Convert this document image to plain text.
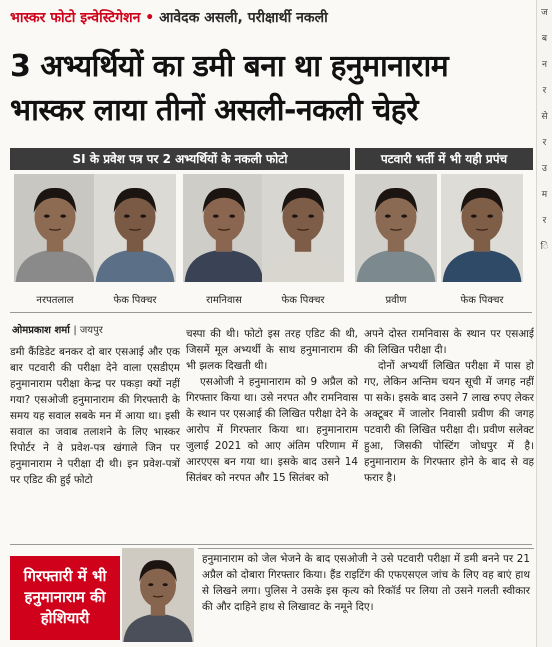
भास्कर फोटो इन्वेस्टिगेशन • आवेदक असली, परीक्षार्थी नकली
3 अभ्यर्थियों का डमी बना था हनुमानाराम
भास्कर लाया तीनों असली-नकली चेहरे
SI के प्रवेश पत्र पर 2 अभ्यर्थियों के नकली फोटो	पटवारी भर्ती में भी यही प्रपंच
नरपतलाल	फेक पिक्चर	रामनिवास	फेक पिक्चर	प्रवीण	फेक पिक्चर
ओमप्रकाश शर्मा | जयपुर

डमी कैंडिडेट बनकर दो बार एसआई और एक बार पटवारी की परीक्षा देने वाला एसडीएम हनुमानाराम परीक्षा केन्द्र पर पकड़ा क्यों नहीं गया? एसओजी हनुमानाराम की गिरफ्तारी के समय यह सवाल सबके मन में आया था। इसी सवाल का जवाब तलाशने के लिए भास्कर रिपोर्टर ने वे प्रवेश-पत्र खंगाले जिन पर हनुमानाराम ने परीक्षा दी थी। इन प्रवेश-पत्रों पर एडिट की हुई फोटो

चस्पा की थी। फोटो इस तरह एडिट की थी, जिसमें मूल अभ्यर्थी के साथ हनुमानाराम की भी झलक दिखती थी।

एसओजी ने हनुमानाराम को 9 अप्रैल को गिरफ्तार किया था। उसे नरपत और रामनिवास के स्थान पर एसआई की लिखित परीक्षा देने के आरोप में गिरफ्तार किया था। हनुमानाराम जुलाई 2021 को आए अंतिम परिणाम में आरएएस बन गया था। इसके बाद उसने 14 सितंबर को नरपत और 15 सितंबर को

अपने दोस्त रामनिवास के स्थान पर एसआई की लिखित परीक्षा दी।

दोनों अभ्यर्थी लिखित परीक्षा में पास हो गए, लेकिन अन्तिम चयन सूची में जगह नहीं पा सके। इसके बाद उसने 7 लाख रुपए लेकर अक्टूबर में जालोर निवासी प्रवीण की जगह पटवारी की लिखित परीक्षा दी। प्रवीण सलेक्ट हुआ, जिसकी पोस्टिंग जोधपुर में है। हनुमानाराम के गिरफ्तार होने के बाद से वह फरार है।

गिरफ्तारी में भी हनुमानाराम की होशियारी
हनुमानाराम को जेल भेजने के बाद एसओजी ने उसे पटवारी परीक्षा में डमी बनने पर 21 अप्रैल को दोबारा गिरफ्तार किया। हैंड राइटिंग की एफएसएल जांच के लिए वह बाएं हाथ से लिखने लगा। पुलिस ने उसके इस कृत्य को रिकॉर्ड पर लिया तो उसने गलती स्वीकार की और दाहिने हाथ से लिखावट के नमूने दिए।
ज
ब
न
र
से
र
उ
म
र
ि
